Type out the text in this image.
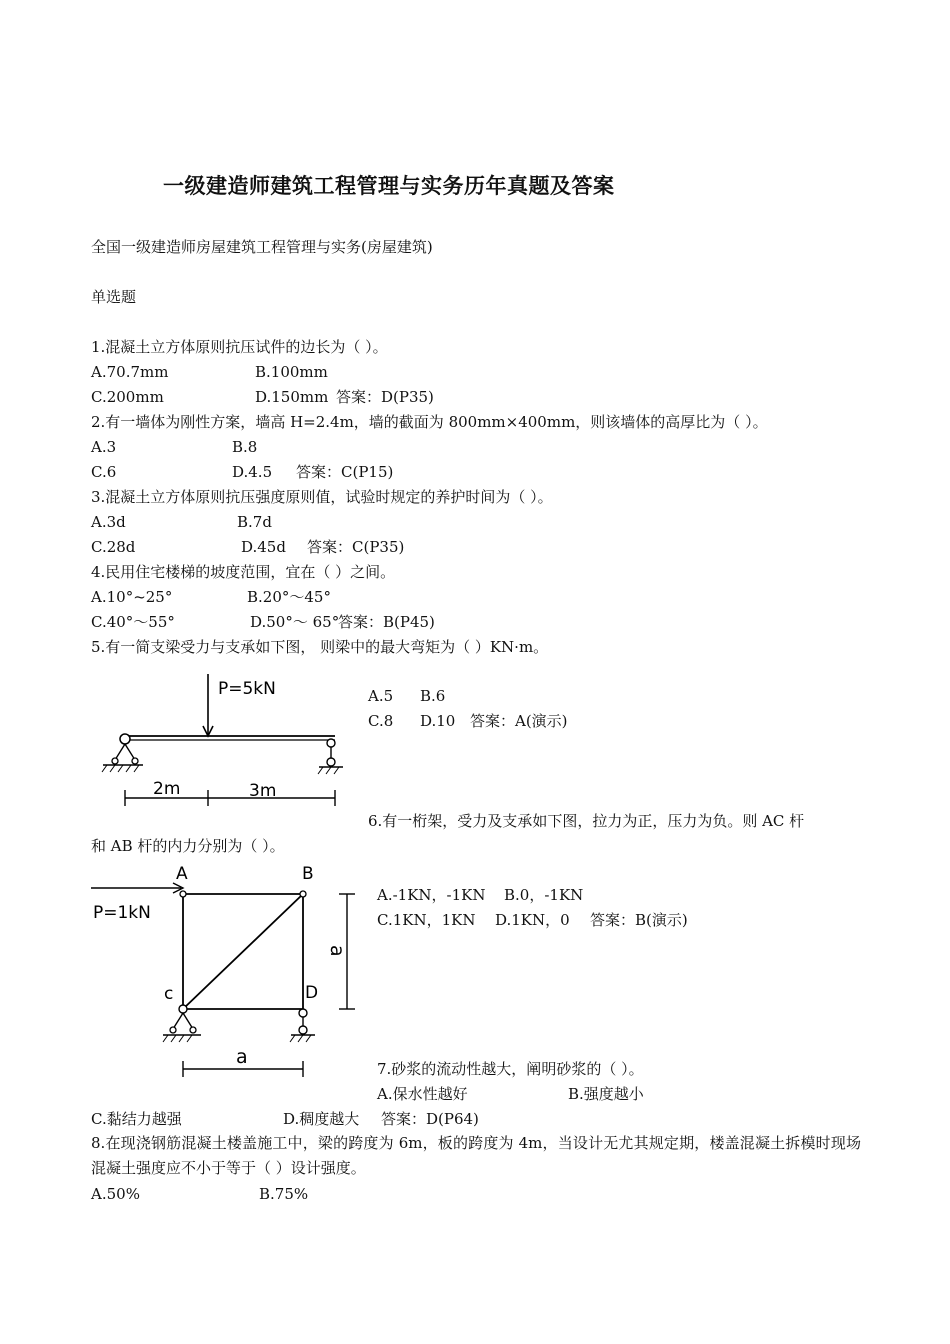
一级建造师建筑工程管理与实务历年真题及答案
全国一级建造师房屋建筑工程管理与实务(房屋建筑)
单选题
1.混凝土立方体原则抗压试件的边长为（ ）。
A.70.7mm	B.100mm
C.200mm	D.150mm 答案：D(P35)
2.有一墙体为刚性方案，墙高 H=2.4m，墙的截面为 800mm×400mm，则该墙体的高厚比为（ ）。
A.3	B.8
C.6	D.4.5 答案：C(P15)
3.混凝土立方体原则抗压强度原则值，试验时规定的养护时间为（ ）。
A.3d	B.7d
C.28d	D.45d 答案：C(P35)
4.民用住宅楼梯的坡度范围，宜在（ ）之间。
A.10°~25°	B.20°～45°
C.40°～55°	D.50°～ 65°
答案：B(P45)
5.有一简支梁受力与支承如下图， 则梁中的最大弯矩为（ ）KN·m。
P=5kN
2m	3m
A.5 B.6
C.8 D.10 答案：A(演示)
6.有一桁架，受力及支承如下图，拉力为正，压力为负。则 AC 杆
和 AB 杆的内力分别为（ ）。
A	B
c	D
P=1kN
a
a
A.-1KN，-1KN B.0，-1KN
C.1KN，1KN D.1KN，0 答案：B(演示)
7.砂浆的流动性越大，阐明砂浆的（ ）。
A.保水性越好	B.强度越小
C.黏结力越强	D.稠度越大 答案：D(P64)
8.在现浇钢筋混凝土楼盖施工中，梁的跨度为 6m，板的跨度为 4m，当设计无尤其规定期，楼盖混凝土拆模时现场混凝土强度应不小于等于（ ）设计强度。
A.50%	B.75%
